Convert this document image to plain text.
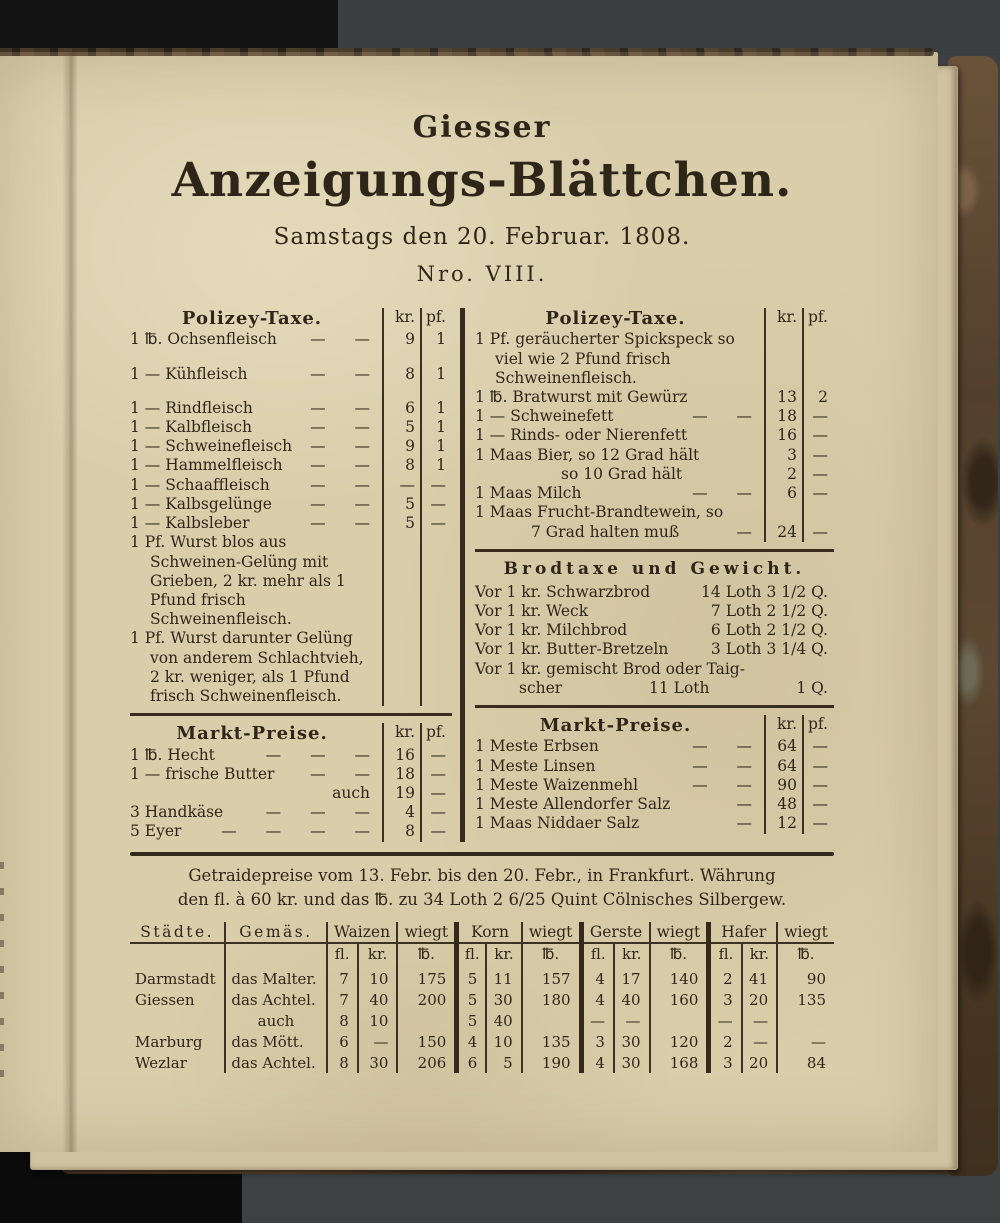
Giesser
Anzeigungs-Blättchen.
Samstags den 20. Februar. 1808.
Nro. VIII.
Polizey-Taxe.	kr. pf.
1 ℔. Ochsenfleisch — —	9	1
1 — Kühfleisch	— —	8	1
1 — Rindfleisch	— —	6	1
1 — Kalbfleisch	— —	5	1
1 — Schweinefleisch — —	9	1
1 — Hammelfleisch — —	8	1
1 — Schaaffleisch	— —	—	—
1 — Kalbsgelünge — —	5	—
1 — Kalbsleber	— —	5	—
1 Pf. Wurst blos aus Schweinen-Gelüng mit Grieben, 2 kr. mehr als 1 Pfund frisch Schweinenfleisch.
1 Pf. Wurst darunter Gelüng von anderem Schlachtvieh, 2 kr. weniger, als 1 Pfund frisch Schweinenfleisch.
Markt-Preise.	kr. pf.
1 ℔. Hecht	— — —	16	—
1 — frische Butter — —	18	—
auch	19	—
3 Handkäse	— — —	4	—
5 Eyer	— — — —	8	—
Polizey-Taxe.	kr. pf.
1 Pf. geräucherter Spickspeck so viel wie 2 Pfund frisch Schweinenfleisch.
1 ℔. Bratwurst mit Gewürz	13	2
1 — Schweinefett	— —	18	—
1 — Rinds- oder Nierenfett	16	—
1 Maas Bier, so 12 Grad hält	3	—
so 10 Grad hält	2	—
1 Maas Milch	— —	6	—
1 Maas Frucht-Brandtewein, so
7 Grad halten muß	—	24	—
Brodtaxe und Gewicht.
Vor 1 kr. Schwarzbrod	14 Loth 3 1/2 Q.
Vor 1 kr. Weck	7 Loth 2 1/2 Q.
Vor 1 kr. Milchbrod	6 Loth 2 1/2 Q.
Vor 1 kr. Butter-Bretzeln	3 Loth 3 1/4 Q.
Vor 1 kr. gemischt Brod oder Taig-
scher	11 Loth	1 Q.
Markt-Preise.	kr. pf.
1 Meste Erbsen	— —	64	—
1 Meste Linsen	— —	64	—
1 Meste Waizenmehl	— —	90	—
1 Meste Allendorfer Salz	—	48	—
1 Maas Niddaer Salz	—	12	—

Getraidepreise vom 13. Febr. bis den 20. Febr., in Frankfurt. Währung

den fl. à 60 kr. und das ℔. zu 34 Loth 2 6/25 Quint Cölnisches Silbergew.

Städte.	Gemäs.	Waizen		wiegt	Korn		wiegt	Gerste		wiegt	Hafer		wiegt
		fl.	kr.	℔.	fl.	kr.	℔.	fl.	kr.	℔.	fl.	kr.	℔.
Darmstadt	das Malter.	7	10	175	5	11	157	4	17	140	2	41	90
Giessen	das Achtel.	7	40	200	5	30	180	4	40	160	3	20	135
	auch	8	10		5	40		—	—		—	—	
Marburg	das Mött.	6	—	150	4	10	135	3	30	120	2	—	—
Wezlar	das Achtel.	8	30	206	6	5	190	4	30	168	3	20	84
